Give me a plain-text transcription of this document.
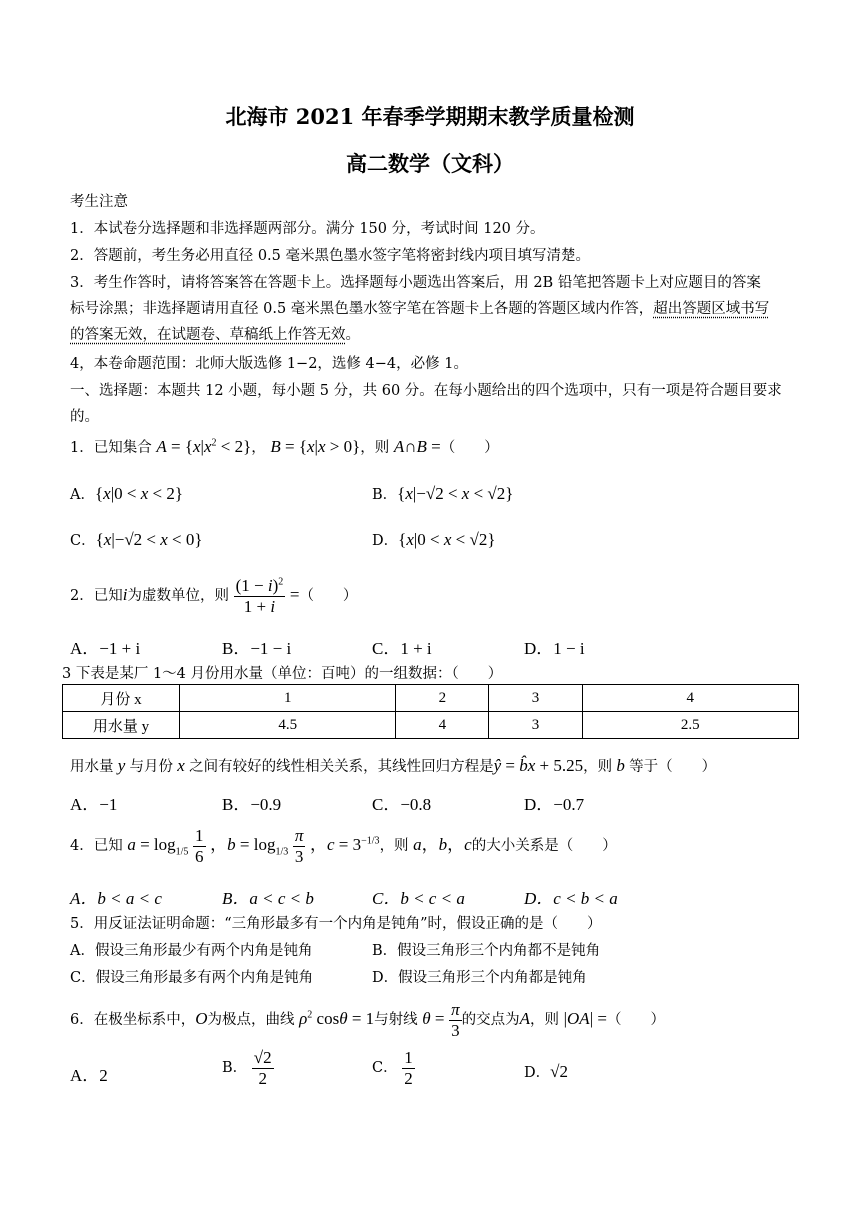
北海市 2021 年春季学期期末教学质量检测
高二数学（文科）
考生注意
1．本试卷分选择题和非选择题两部分。满分 150 分，考试时间 120 分。
2．答题前，考生务必用直径 0.5 毫米黑色墨水签字笔将密封线内项目填写清楚。
3．考生作答时，请将答案答在答题卡上。选择题每小题选出答案后，用 2B 铅笔把答题卡上对应题目的答案
标号涂黑；非选择题请用直径 0.5 毫米黑色墨水签字笔在答题卡上各题的答题区域内作答，超出答题区域书写
的答案无效，在试题卷、草稿纸上作答无效。
4，本卷命题范围：北师大版选修 1−2，选修 4−4，必修 1。
一、选择题：本题共 12 小题，每小题 5 分，共 60 分。在每小题给出的四个选项中，只有一项是符合题目要求
的。
1．已知集合 $A = \{x|x^2 < 2\}$， B = {x|x > 0}，则 A∩B =（　　）
A．{x|0 < x < 2}	B．{x|−√2 < x < √2}
C．{x|−√2 < x < 0}	D．{x|0 < x < √2}
2．已知i为虚数单位，则 $\frac{(1 - i)^2}{1 + i}$ =（　　）
A．−1 + i	B．−1 − i	C．1 + i	D．1 − i
3 下表是某厂 1～4 月份用水量（单位：百吨）的一组数据：（　　）
月份 x	1	2	3	4
用水量 y	4.5	4	3	2.5
用水量 y 与月份 x 之间有较好的线性相关关系，其线性回归方程是ŷ = b̂x + 5.25，则 b 等于（　　）
A．−1	B．−0.9	C．−0.8	D．−0.7
4．已知 $a = \log_{1/5} \frac{1}{6}$ ，$b = \log_{1/3} \frac{\pi}{3}$ ，$c = 3^{-1/3}$，则 a，b，c的大小关系是（　　）
A．b < a < c	B．a < c < b	C．b < c < a	D．c < b < a
5．用反证法证明命题：“三角形最多有一个内角是钝角”时，假设正确的是（　　）
A．假设三角形最少有两个内角是钝角	B．假设三角形三个内角都不是钝角
C．假设三角形最多有两个内角是钝角	D．假设三角形三个内角都是钝角
6．在极坐标系中，O为极点，曲线 $\rho^2$ cosθ = 1与射线 $\theta = \frac{\pi}{3}$ 的交点为A，则 |OA| =（　　）
A．2	B． $\frac{√2}{2}$	C． $\frac{1}{2}$	D．√2
